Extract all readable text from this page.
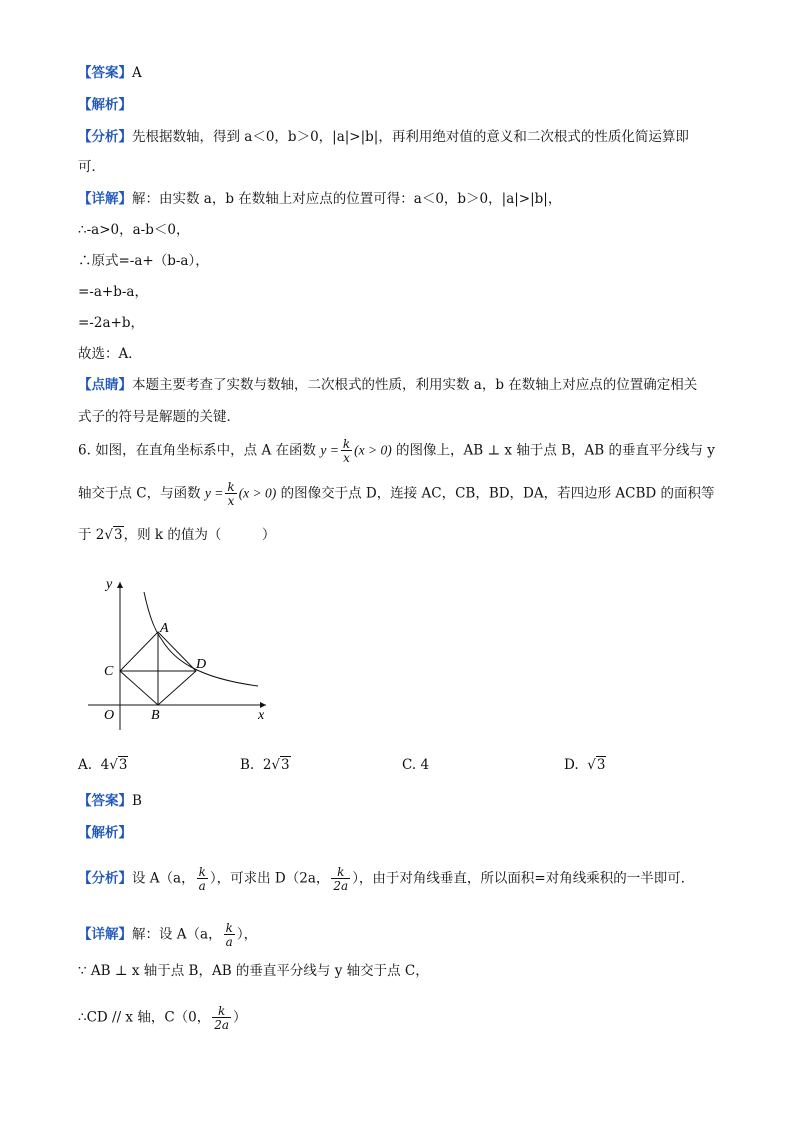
【答案】A
【解析】
【分析】先根据数轴，得到 a＜0，b＞0，|a|>|b|，再利用绝对值的意义和二次根式的性质化简运算即
可．
【详解】解：由实数 a，b 在数轴上对应点的位置可得：a＜0，b＞0，|a|>|b|，
∴-a>0，a-b＜0，
∴原式=-a+（b-a），
=-a+b-a，
=-2a+b，
故选：A．
【点睛】本题主要考查了实数与数轴，二次根式的性质，利用实数 a，b 在数轴上对应点的位置确定相关
式子的符号是解题的关键．
6. 如图，在直角坐标系中，点 A 在函数 $y = \frac{k}{x} (x > 0)$ 的图像上，AB ⊥ x 轴于点 B，AB 的垂直平分线与 y
轴交于点 C，与函数 $y = \frac{k}{x} (x > 0)$ 的图像交于点 D，连接 AC，CB，BD，DA，若四边形 ACBD 的面积等
于 2√3，则 k 的值为（　　　）
y
x
O
A
B
C	D
A. 4√3	B. 2√3	C. 4	D. √3
【答案】B
【解析】
【分析】设 A（a， $\frac{k}{a}$ ），可求出 D（2a， $\frac{k}{2a}$ ），由于对角线垂直，所以面积=对角线乘积的一半即可．
【详解】解：设 A（a， $\frac{k}{a}$ ），
∵ AB ⊥ x 轴于点 B，AB 的垂直平分线与 y 轴交于点 C，
∴CD // x 轴，C（0， $\frac{k}{2a}$ ）
